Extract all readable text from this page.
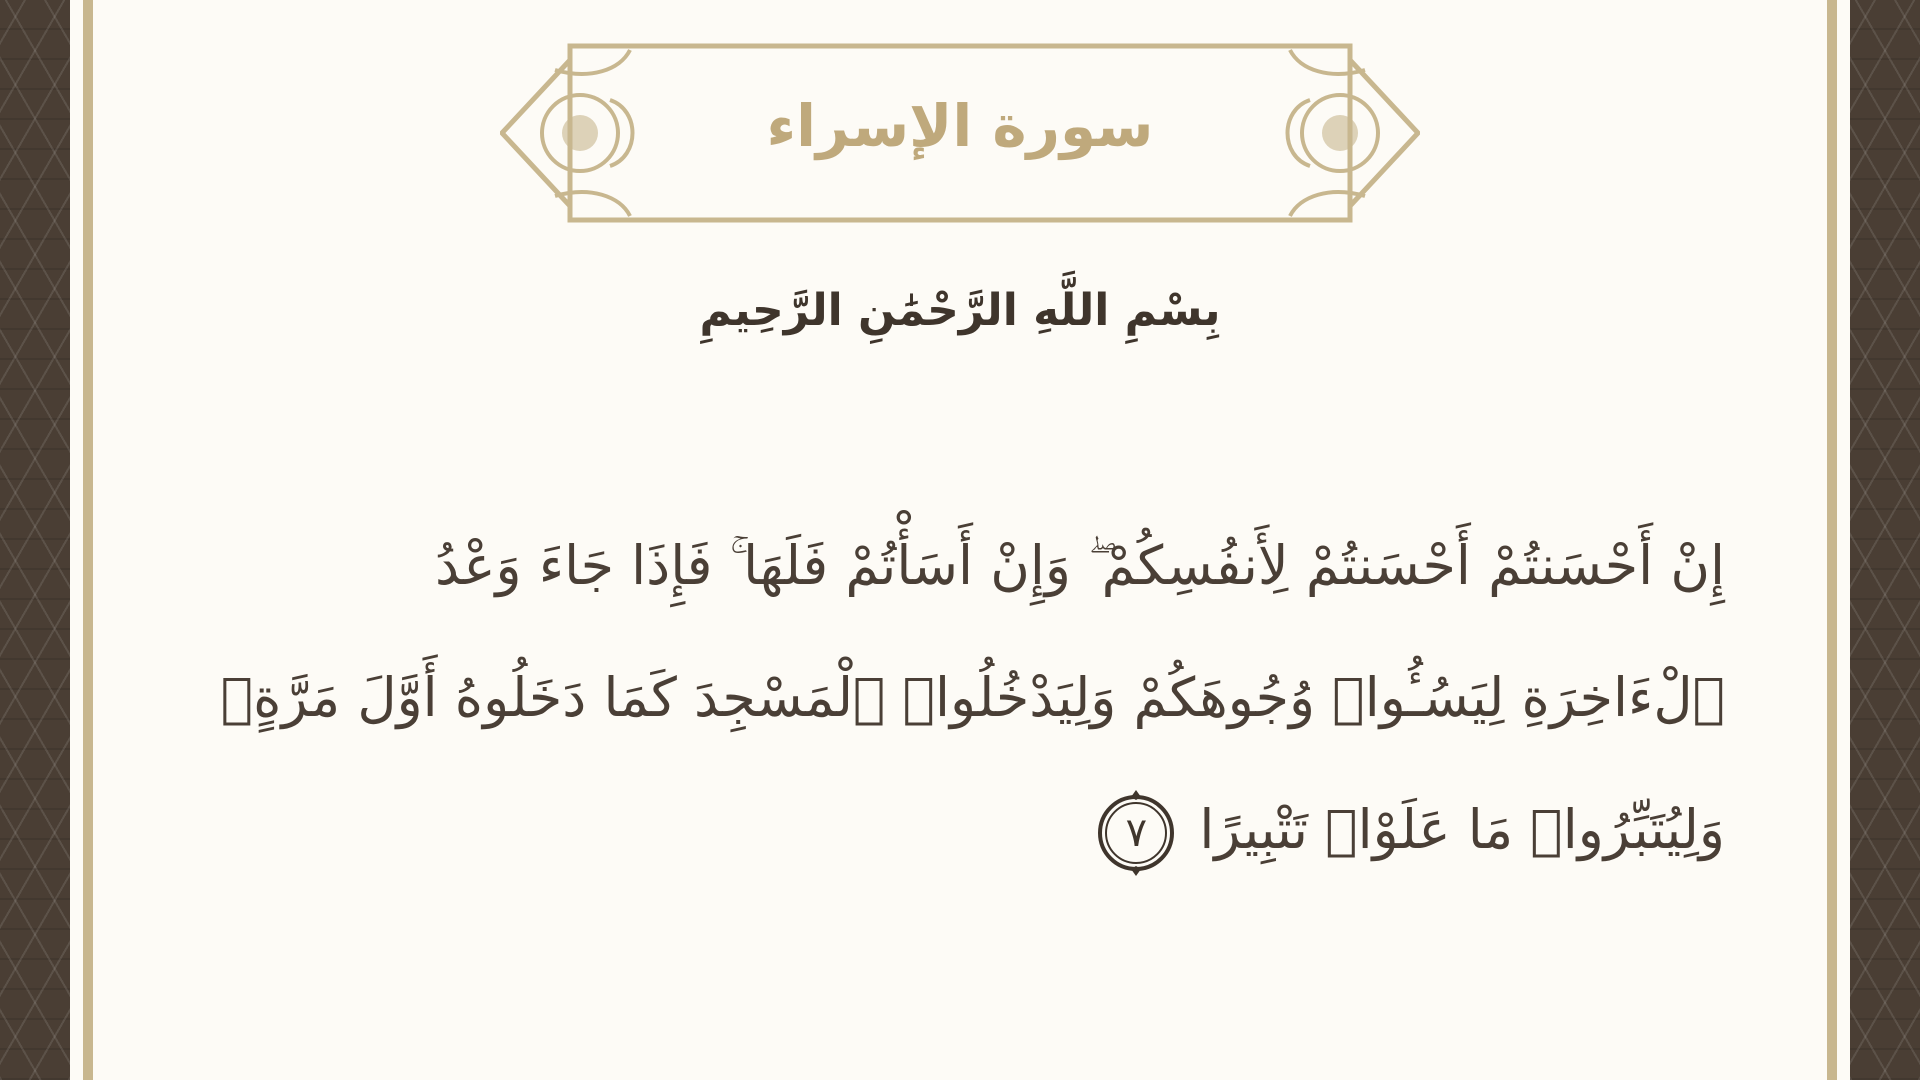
سورة الإسراء
بِسْمِ اللَّهِ الرَّحْمَٰنِ الرَّحِيمِ
إِنْ أَحْسَنتُمْ أَحْسَنتُمْ لِأَنفُسِكُمْ ۖ وَإِنْ أَسَأْتُمْ فَلَهَا ۚ فَإِذَا جَاءَ وَعْدُ
ٱلْءَاخِرَةِ لِيَسُـُٔوا۟ وُجُوهَكُمْ وَلِيَدْخُلُوا۟ ٱلْمَسْجِدَ كَمَا دَخَلُوهُ أَوَّلَ مَرَّةٍۢ
وَلِيُتَبِّرُوا۟ مَا عَلَوْا۟ تَتْبِيرًا
٧
